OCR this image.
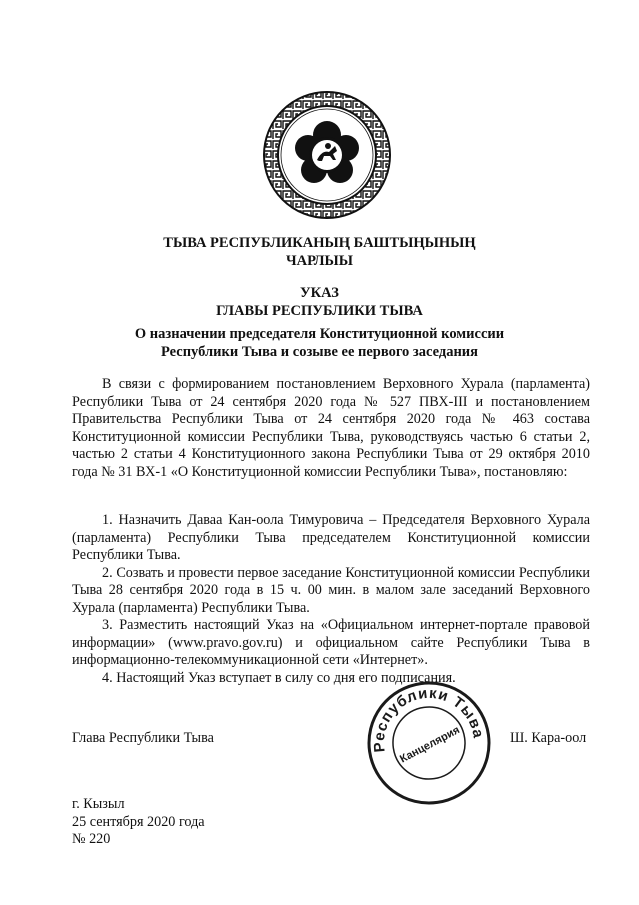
ТЫВА РЕСПУБЛИКАНЫҢ БАШТЫҢЫНЫҢ
ЧАРЛЫЫ
УКАЗ
ГЛАВЫ РЕСПУБЛИКИ ТЫВА
О назначении председателя Конституционной комиссии
Республики Тыва и созыве ее первого заседания

В связи с формированием постановлением Верховного Хурала (парламента) Республики Тыва от 24 сентября 2020 года № 527 ПВХ-III и постановлением Правительства Республики Тыва от 24 сентября 2020 года № 463 состава Конституционной комиссии Республики Тыва, руководствуясь частью 6 статьи 2, частью 2 статьи 4 Конституционного закона Республики Тыва от 29 октября 2010 года № 31 ВХ-1 «О Конституционной комиссии Республики Тыва», постановляю:

1. Назначить Даваа Кан-оола Тимуровича – Председателя Верховного Хурала (парламента) Республики Тыва председателем Конституционной комиссии Республики Тыва.

2. Созвать и провести первое заседание Конституционной комиссии Республики Тыва 28 сентября 2020 года в 15 ч. 00 мин. в малом зале заседаний Верховного Хурала (парламента) Республики Тыва.

3. Разместить настоящий Указ на «Официальном интернет-портале правовой информации» (www.pravo.gov.ru) и официальном сайте Республики Тыва в информационно-телекоммуникационной сети «Интернет».

4. Настоящий Указ вступает в силу со дня его подписания.

Глава Республики Тыва
Республики Тыва
Канцелярия	Ш. Кара-оол
г. Кызыл
25 сентября 2020 года
№ 220
